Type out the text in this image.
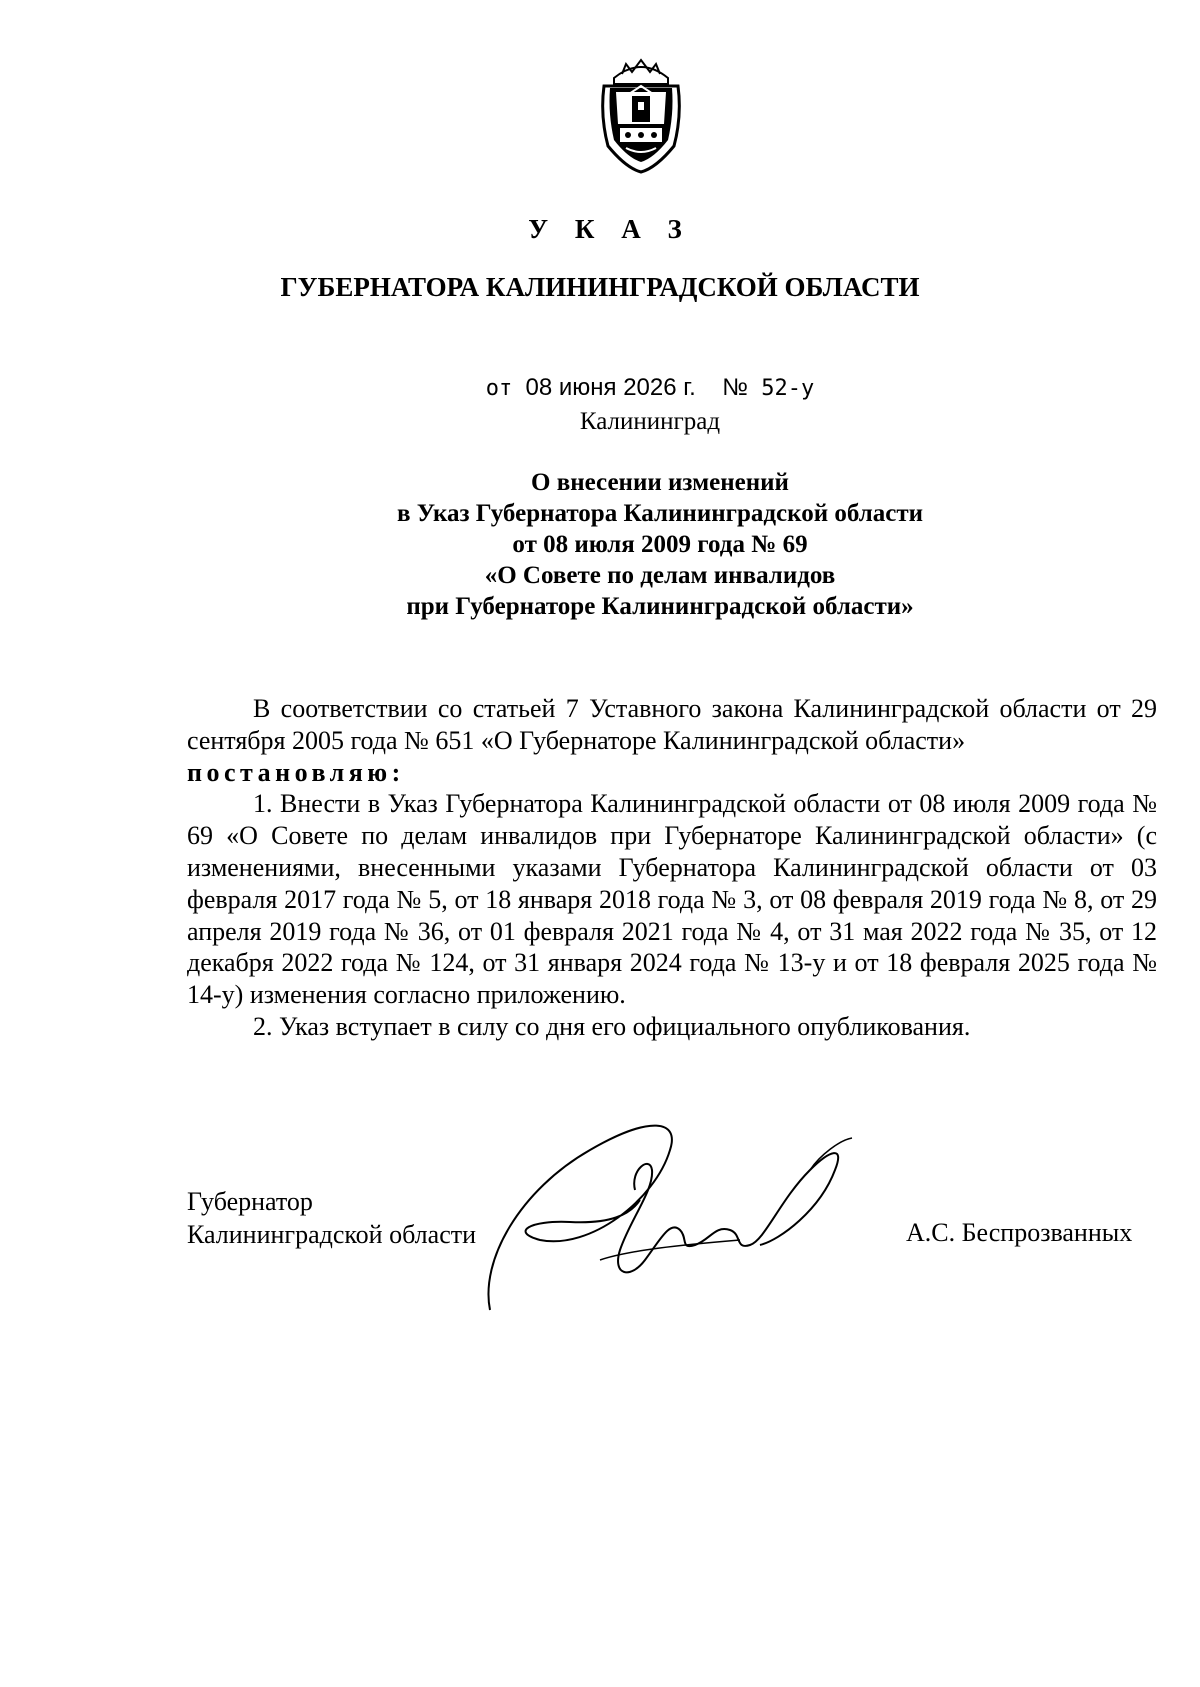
У К А З
ГУБЕРНАТОРА КАЛИНИНГРАДСКОЙ ОБЛАСТИ
от 08 июня 2026 г. № 52-у
Калининград
О внесении изменений
в Указ Губернатора Калининградской области
от 08 июля 2009 года № 69
«О Совете по делам инвалидов
при Губернаторе Калининградской области»

В соответствии со статьей 7 Уставного закона Калининградской области от 29 сентября 2005 года № 651 «О Губернаторе Калининградской области»

постановляю:

1. Внести в Указ Губернатора Калининградской области от 08 июля 2009 года № 69 «О Совете по делам инвалидов при Губернаторе Калининградской области» (с изменениями, внесенными указами Губернатора Калининградской области от 03 февраля 2017 года № 5, от 18 января 2018 года № 3, от 08 февраля 2019 года № 8, от 29 апреля 2019 года № 36, от 01 февраля 2021 года № 4, от 31 мая 2022 года № 35, от 12 декабря 2022 года № 124, от 31 января 2024 года № 13-у и от 18 февраля 2025 года № 14-у) изменения согласно приложению.

2. Указ вступает в силу со дня его официального опубликования.

Губернатор
Калининградской области	А.С. Беспрозванных
